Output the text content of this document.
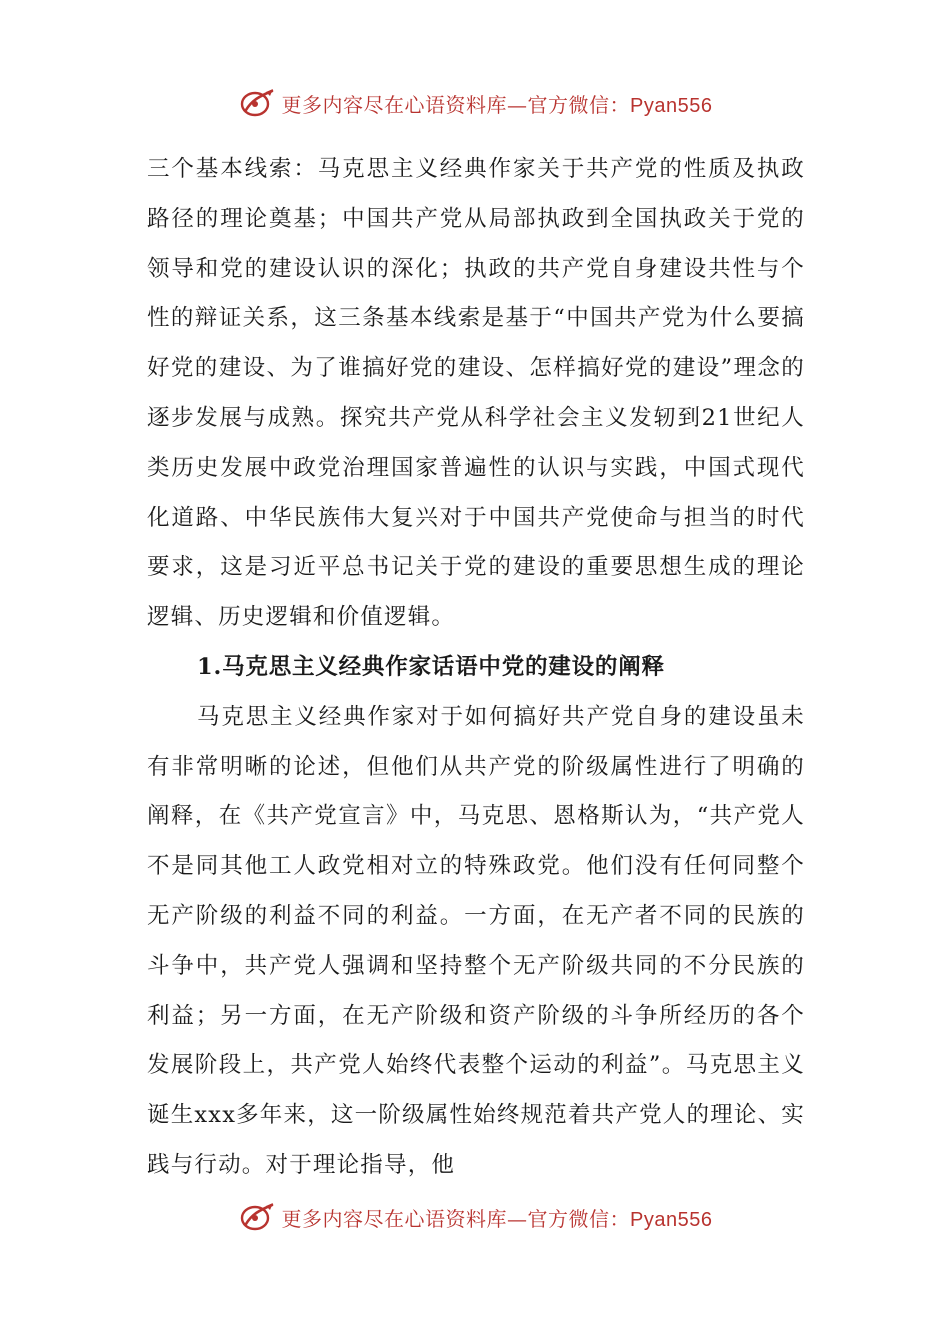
更多内容尽在心语资料库—官方微信：Pyan556

三个基本线索：马克思主义经典作家关于共产党的性质及执政路径的理论奠基；中国共产党从局部执政到全国执政关于党的领导和党的建设认识的深化；执政的共产党自身建设共性与个性的辩证关系，这三条基本线索是基于“中国共产党为什么要搞好党的建设、为了谁搞好党的建设、怎样搞好党的建设”理念的逐步发展与成熟。探究共产党从科学社会主义发轫到21世纪人类历史发展中政党治理国家普遍性的认识与实践，中国式现代化道路、中华民族伟大复兴对于中国共产党使命与担当的时代要求，这是习近平总书记关于党的建设的重要思想生成的理论逻辑、历史逻辑和价值逻辑。

1.马克思主义经典作家话语中党的建设的阐释

马克思主义经典作家对于如何搞好共产党自身的建设虽未有非常明晰的论述，但他们从共产党的阶级属性进行了明确的阐释，在《共产党宣言》中，马克思、恩格斯认为，“共产党人不是同其他工人政党相对立的特殊政党。他们没有任何同整个无产阶级的利益不同的利益。一方面，在无产者不同的民族的斗争中，共产党人强调和坚持整个无产阶级共同的不分民族的利益；另一方面，在无产阶级和资产阶级的斗争所经历的各个发展阶段上，共产党人始终代表整个运动的利益”。马克思主义诞生xxx多年来，这一阶级属性始终规范着共产党人的理论、实践与行动。对于理论指导，他

更多内容尽在心语资料库—官方微信：Pyan556
